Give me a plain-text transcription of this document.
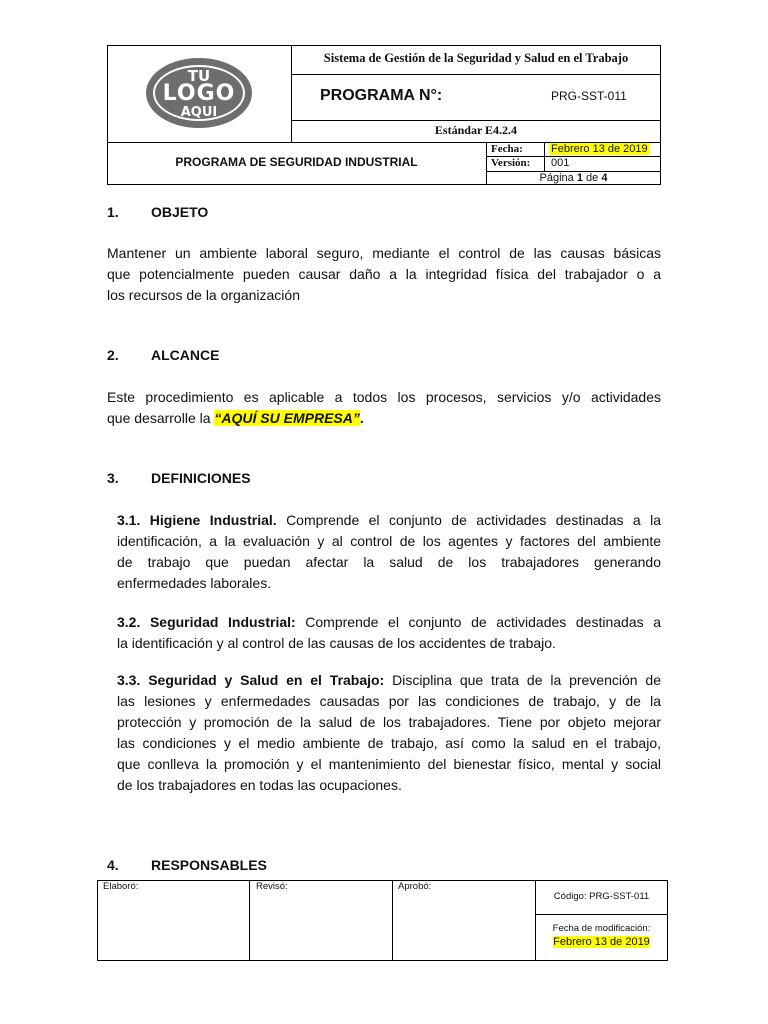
TU
LOGO
AQUI
Sistema de Gestión de la Seguridad y Salud en el Trabajo
PROGRAMA N°:	PRG-SST-011
Estándar E4.2.4
PROGRAMA DE SEGURIDAD INDUSTRIAL
Fecha:	Febrero 13 de 2019
Versión: 001
Página 1 de 4
1. OBJETO
Mantener un ambiente laboral seguro, mediante el control de las causas básicas
que potencialmente pueden causar daño a la integridad física del trabajador o a
los recursos de la organización
2. ALCANCE
Este procedimiento es aplicable a todos los procesos, servicios y/o actividades
que desarrolle la “AQUÍ SU EMPRESA”.
3. DEFINICIONES
3.1. Higiene Industrial. Comprende el conjunto de actividades destinadas a la
identificación, a la evaluación y al control de los agentes y factores del ambiente
de trabajo que puedan afectar la salud de los trabajadores generando
enfermedades laborales.
3.2. Seguridad Industrial: Comprende el conjunto de actividades destinadas a
la identificación y al control de las causas de los accidentes de trabajo.
3.3. Seguridad y Salud en el Trabajo: Disciplina que trata de la prevención de
las lesiones y enfermedades causadas por las condiciones de trabajo, y de la
protección y promoción de la salud de los trabajadores. Tiene por objeto mejorar
las condiciones y el medio ambiente de trabajo, así como la salud en el trabajo,
que conlleva la promoción y el mantenimiento del bienestar físico, mental y social
de los trabajadores en todas las ocupaciones.
4. RESPONSABLES
Elaboró:	Revisó:	Aprobó:
Código: PRG-SST-011
Fecha de modificación:
Febrero 13 de 2019
